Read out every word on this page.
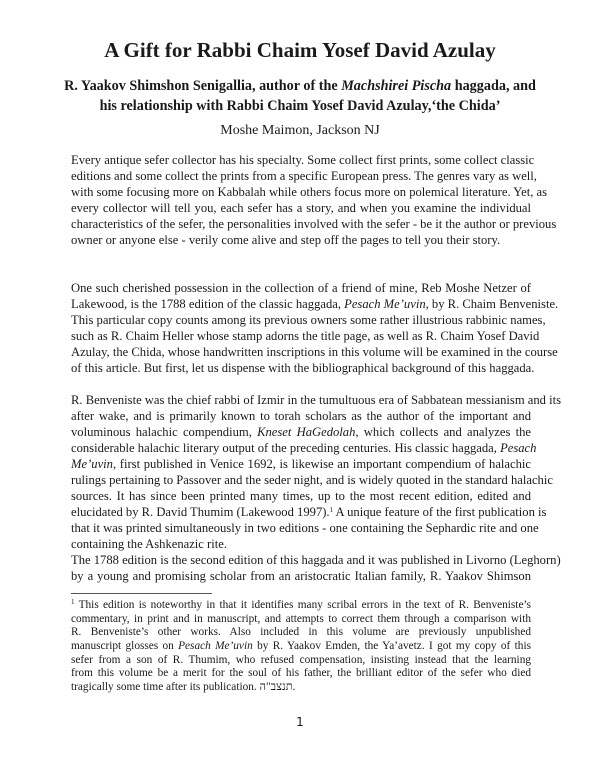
A Gift for Rabbi Chaim Yosef David Azulay
R. Yaakov Shimshon Senigallia, author of the Machshirei Pischa haggada, and
his relationship with Rabbi Chaim Yosef David Azulay,‘the Chida’
Moshe Maimon, Jackson NJ
Every antique sefer collector has his specialty. Some collect first prints, some collect classic
editions and some collect the prints from a specific European press. The genres vary as well,
with some focusing more on Kabbalah while others focus more on polemical literature. Yet, as
every collector will tell you, each sefer has a story, and when you examine the individual
characteristics of the sefer, the personalities involved with the sefer - be it the author or previous
owner or anyone else - verily come alive and step off the pages to tell you their story.
One such cherished possession in the collection of a friend of mine, Reb Moshe Netzer of
Lakewood, is the 1788 edition of the classic haggada, Pesach Me’uvin, by R. Chaim Benveniste.
This particular copy counts among its previous owners some rather illustrious rabbinic names,
such as R. Chaim Heller whose stamp adorns the title page, as well as R. Chaim Yosef David
Azulay, the Chida, whose handwritten inscriptions in this volume will be examined in the course
of this article. But first, let us dispense with the bibliographical background of this haggada.
R. Benveniste was the chief rabbi of Izmir in the tumultuous era of Sabbatean messianism and its
after wake, and is primarily known to torah scholars as the author of the important and
voluminous halachic compendium, Kneset HaGedolah, which collects and analyzes the
considerable halachic literary output of the preceding centuries. His classic haggada, Pesach
Me’uvin, first published in Venice 1692, is likewise an important compendium of halachic
rulings pertaining to Passover and the seder night, and is widely quoted in the standard halachic
sources. It has since been printed many times, up to the most recent edition, edited and
elucidated by R. David Thumim (Lakewood 1997).$^1$ A unique feature of the first publication is
that it was printed simultaneously in two editions - one containing the Sephardic rite and one
containing the Ashkenazic rite.
The 1788 edition is the second edition of this haggada and it was published in Livorno (Leghorn)
by a young and promising scholar from an aristocratic Italian family, R. Yaakov Shimson
$^1$ This edition is noteworthy in that it identifies many scribal errors in the text of R. Benveniste’s
commentary, in print and in manuscript, and attempts to correct them through a comparison with
R. Benveniste’s other works. Also included in this volume are previously unpublished
manuscript glosses on Pesach Me’uvin by R. Yaakov Emden, the Ya’avetz. I got my copy of this
sefer from a son of R. Thumim, who refused compensation, insisting instead that the learning
from this volume be a merit for the soul of his father, the brilliant editor of the sefer who died
tragically some time after its publication. תנצב"ה.
1
